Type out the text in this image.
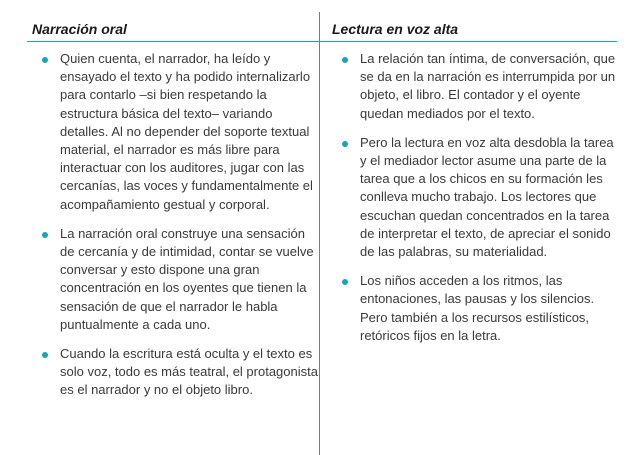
Narración oral	Lectura en voz alta
Quien cuenta, el narrador, ha leído y ensayado el texto y ha podido internalizarlo para contarlo –si bien respetando la estructura básica del texto– variando detalles. Al no depender del soporte textual material, el narrador es más libre para interactuar con los auditores, jugar con las cercanías, las voces y fundamentalmente el acompañamiento gestual y corporal.
La narración oral construye una sensación de cercanía y de intimidad, contar se vuelve conversar y esto dispone una gran concentración en los oyentes que tienen la sensación de que el narrador le habla puntualmente a cada uno.
Cuando la escritura está oculta y el texto es solo voz, todo es más teatral, el protagonista es el narrador y no el objeto libro.
La relación tan íntima, de conversación, que se da en la narración es interrumpida por un objeto, el libro. El contador y el oyente quedan mediados por el texto.
Pero la lectura en voz alta desdobla la tarea y el mediador lector asume una parte de la tarea que a los chicos en su formación les conlleva mucho trabajo. Los lectores que escuchan quedan concentrados en la tarea de interpretar el texto, de apreciar el sonido de las palabras, su materialidad.
Los niños acceden a los ritmos, las entonaciones, las pausas y los silencios. Pero también a los recursos estilísticos, retóricos fijos en la letra.
